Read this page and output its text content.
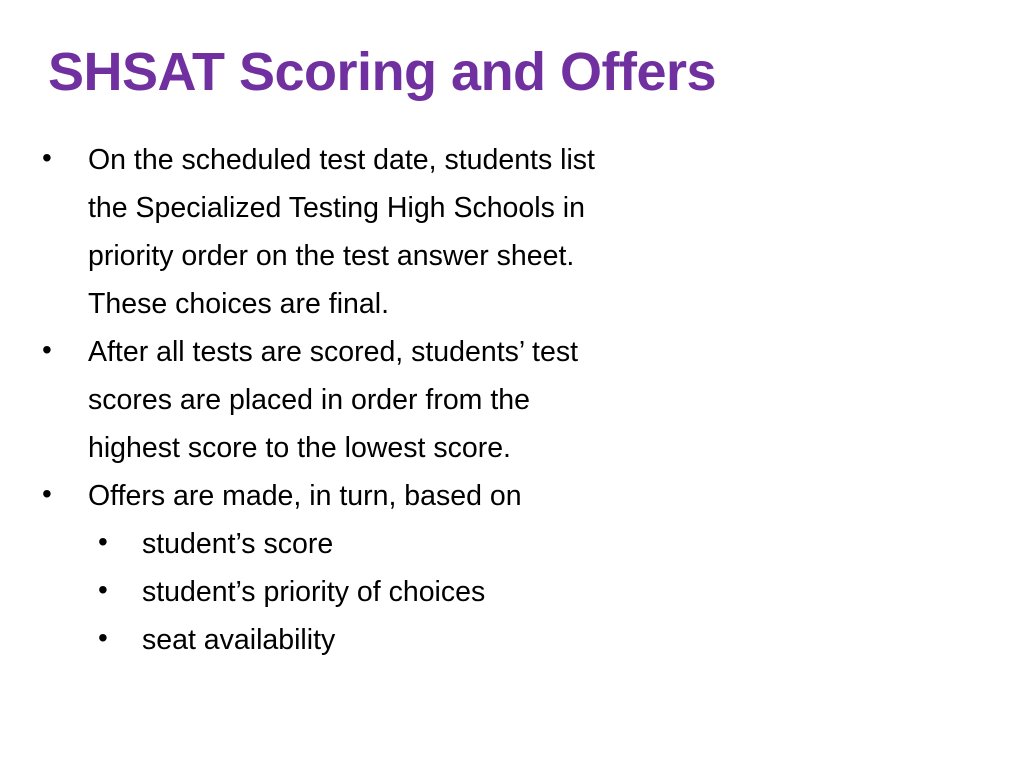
SHSAT Scoring and Offers
• On the scheduled test date, students list
the Specialized Testing High Schools in
priority order on the test answer sheet.
These choices are final.
• After all tests are scored, students’ test
scores are placed in order from the
highest score to the lowest score.
• Offers are made, in turn, based on
• student’s score
• student’s priority of choices
• seat availability
